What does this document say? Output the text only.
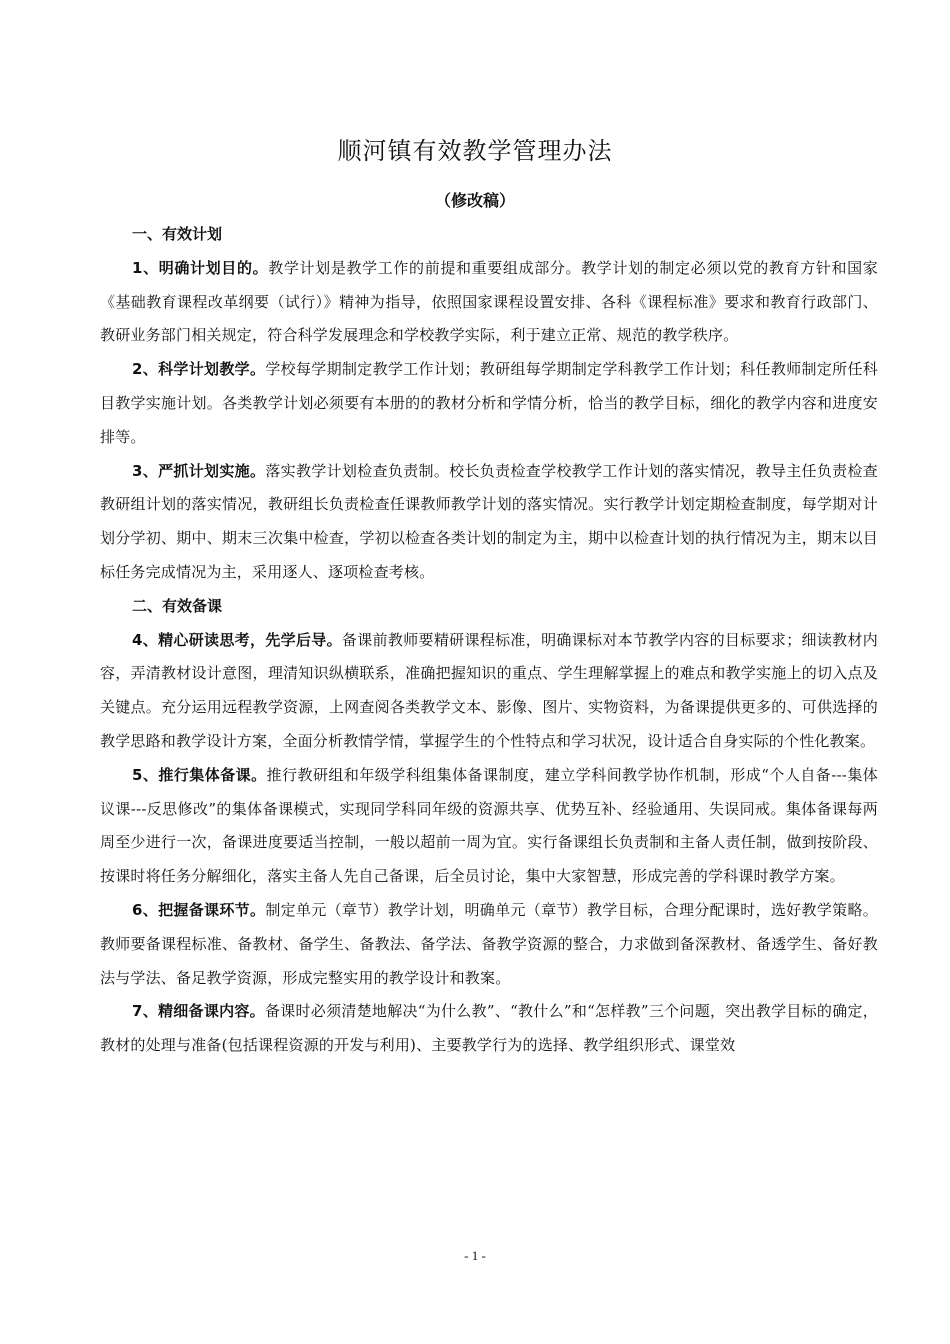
顺河镇有效教学管理办法
（修改稿）

一、有效计划

1、明确计划目的。教学计划是教学工作的前提和重要组成部分。教学计划的制定必须以党的教育方针和国家《基础教育课程改革纲要（试行）》精神为指导，依照国家课程设置安排、各科《课程标准》要求和教育行政部门、教研业务部门相关规定，符合科学发展理念和学校教学实际，利于建立正常、规范的教学秩序。

2、科学计划教学。学校每学期制定教学工作计划；教研组每学期制定学科教学工作计划；科任教师制定所任科目教学实施计划。各类教学计划必须要有本册的的教材分析和学情分析，恰当的教学目标，细化的教学内容和进度安排等。

3、严抓计划实施。落实教学计划检查负责制。校长负责检查学校教学工作计划的落实情况，教导主任负责检查教研组计划的落实情况，教研组长负责检查任课教师教学计划的落实情况。实行教学计划定期检查制度，每学期对计划分学初、期中、期末三次集中检查，学初以检查各类计划的制定为主，期中以检查计划的执行情况为主，期末以目标任务完成情况为主，采用逐人、逐项检查考核。

二、有效备课

4、精心研读思考，先学后导。备课前教师要精研课程标准，明确课标对本节教学内容的目标要求；细读教材内容，弄清教材设计意图，理清知识纵横联系，准确把握知识的重点、学生理解掌握上的难点和教学实施上的切入点及关键点。充分运用远程教学资源，上网查阅各类教学文本、影像、图片、实物资料，为备课提供更多的、可供选择的教学思路和教学设计方案，全面分析教情学情，掌握学生的个性特点和学习状况，设计适合自身实际的个性化教案。

5、推行集体备课。推行教研组和年级学科组集体备课制度，建立学科间教学协作机制，形成“个人自备---集体议课---反思修改”的集体备课模式，实现同学科同年级的资源共享、优势互补、经验通用、失误同戒。集体备课每两周至少进行一次，备课进度要适当控制，一般以超前一周为宜。实行备课组长负责制和主备人责任制，做到按阶段、按课时将任务分解细化，落实主备人先自己备课，后全员讨论，集中大家智慧，形成完善的学科课时教学方案。

6、把握备课环节。制定单元（章节）教学计划，明确单元（章节）教学目标，合理分配课时，选好教学策略。教师要备课程标准、备教材、备学生、备教法、备学法、备教学资源的整合，力求做到备深教材、备透学生、备好教法与学法、备足教学资源，形成完整实用的教学设计和教案。

7、精细备课内容。备课时必须清楚地解决“为什么教”、“教什么”和“怎样教”三个问题，突出教学目标的确定，教材的处理与准备(包括课程资源的开发与利用)、主要教学行为的选择、教学组织形式、课堂效

- 1 -
